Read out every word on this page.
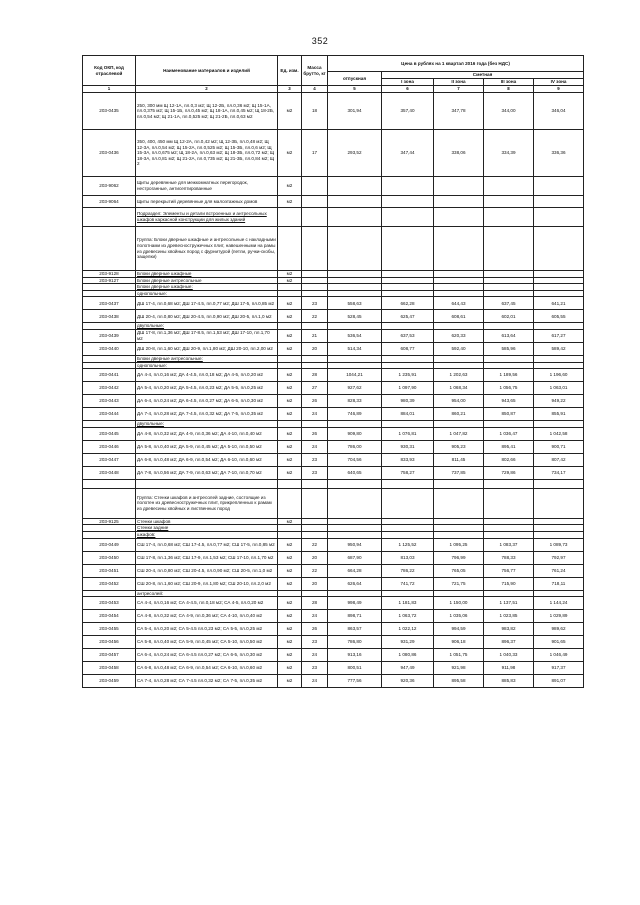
352
Код ОКП, код отраслевой	Наименование материалов и изделий	Ед. изм.	Масса брутто, кг	Цена в рублях на 1 квартал 2016 года (без НДС)				
				отпускная	Сметная			
					I зона	II зона	III зона	IV зона
1	2	3	4	5	6	7	8	9
203-0435	250, 300 мм Щ 12-1А, пл.0,3 м2; Щ 12-2Б, пл.0,36 м2; Щ 15-1А, пл.0,375 м2; Щ 15-1Б, пл.0,45 м2; Щ 18-1А, пл.0,45 м2; Щ 18-2Б, пл.0,54 м2; Щ 21-1А, пл.0,525 м2; Щ 21-2Б, пл.0,63 м2	м2	18	301,94	357,40	347,78	344,00	346,04
203-0436	350, 400, 450 мм Щ 12-2А, пл.0,42 м2; Щ 12-3Б, пл.0,48 м2; Щ 12-3А, пл.0,54 м2; Щ 15-2А, пл.0,525 м2; Щ 15-3Б, пл.0,6 м2; Щ 15-3А, пл.0,675 м2; Щ 18-2А, пл.0,63 м2; Щ 18-3Б, пл.0,72 м2; Щ 18-3А, пл.0,81 м2; Щ 21-2А, пл.0,735 м2; Щ 21-3Б, пл.0,84 м2; Щ 2	м2	17	293,52	347,44	338,06	334,39	336,36
203-9062	Щиты деревянные для межкомнатных перегородок, нестроганные, антисептированные	м2						
203-9064	Щиты перекрытий деревянные для малоэтажных домов	м2						
	Подраздел: Элементы и детали встроенных и антресольных шкафов каркасной конструкции для жилых зданий							
	Группа: Блоки дверные шкафные и антресольные с накладными полотнами из древесностружечных плит, навешенными на рамы из древесины хвойных пород с фурнитурой (петли, ручки-скобы, защелки)							
203-9128	Блоки дверные шкафные	м2						
203-9127	Блоки дверные антресольные	м2						
	Блоки дверные шкафные:							
	однопольные:							
203-0437	ДШ 17-4, пл.0,68 м2; ДШ 17-4.5, пл.0,77 м2; ДШ 17-5, пл.0,85 м2	м2	23	558,63	662,28	644,43	637,45	641,21
203-0438	ДШ 20-4, пл.0,80 м2; ДШ 20-4.5, пл.0,90 м2; ДШ 20-5, пл.1,0 м2	м2	22	528,45	625,47	608,61	602,01	605,55
	двупольные:							
203-0439	ДШ 17-8, пл.1,36 м2; ДШ 17-8.5, пл.1,53 м2; ДШ 17-10, пл.1,70 м2	м2	21	536,54	637,53	620,33	613,64	617,27
203-0440	ДШ 20-8, пл.1,60 м2; ДШ 20-9, пл.1,80 м2; ДШ 20-10, пл.2,00 м2	м2	20	514,34	608,77	592,40	585,96	589,42
	Блоки дверные антресольные:							
	однопольные:							
203-0441	ДА 4-4, пл.0,16 м2; ДА 4-4.5, пл.0,18 м2; ДА 4-5, пл.0,20 м2	м2	28	1044,21	1 235,91	1 202,63	1 189,56	1 196,60
203-0442	ДА 5-4, пл.0,20 м2; ДА 5-4.5, пл.0,23 м2; ДА 5-5, пл.0,25 м2	м2	27	927,62	1 097,90	1 068,34	1 056,75	1 063,01
203-0443	ДА 6-4, пл.0,24 м2; ДА 6-4.5, пл.0,27 м2; ДА 6-5, пл.0,30 м2	м2	26	828,33	980,39	954,00	943,65	949,22
203-0444	ДА 7-4, пл.0,28 м2; ДА 7-4.5, пл.0,32 м2; ДА 7-5, пл.0,35 м2	м2	24	746,89	884,01	860,21	850,87	855,91
	двупольные:							
203-0445	ДА 4-8, пл.0,32 м2; ДА 4-9, пл.0,36 м2; ДА 4-10, пл.0,40 м2	м2	26	909,80	1 076,81	1 047,82	1 036,47	1 042,58
203-0446	ДА 5-8, пл.0,40 м2; ДА 5-9, пл.0,45 м2; ДА 5-10, пл.0,50 м2	м2	24	786,00	930,31	905,23	895,41	900,71
203-0447	ДА 6-8, пл.0,48 м2; ДА 6-9, пл.0,54 м2; ДА 6-10, пл.0,60 м2	м2	23	704,56	833,93	811,45	802,66	807,42
203-0448	ДА 7-8, пл.0,56 м2; ДА 7-9, пл.0,63 м2; ДА 7-10, пл.0,70 м2	м2	23	640,65	758,27	737,85	729,86	734,17

	Группа: Стенки шкафов и антресолей задние, состоящие из полотен из древесностружечных плит, прикрепленных к рамам из древесины хвойных и лиственных пород							
203-9125	Стенки шкафов	м2						
	Стенки задние							
	шкафов:							
203-0449	СШ 17-4, пл.0,68 м2; СШ 17-4.5, пл.0,77 м2; СШ 17-5, пл.0,85 м2	м2	22	950,94	1 125,52	1 095,25	1 083,37	1 089,73
203-0450	СШ 17-8, пл.1,36 м2; СШ 17-9, пл.1,53 м2; СШ 17-10, пл.1,70 м2	м2	20	687,90	813,03	796,99	788,33	792,97
203-0451	СШ 20-4, пл.0,80 м2; СШ 20-4.5, пл.0,90 м2; СШ 20-5, пл.1,0 м2	м2	22	664,28	786,22	765,05	756,77	761,24
203-0452	СШ 20-8, пл.1,60 м2; СШ 20-9, пл.1,80 м2; СШ 20-10, пл.2,0 м2	м2	20	626,64	741,72	721,75	715,90	718,11
	антресолей:							
203-0453	СА 4-4, пл.0,16 м2; СА 4-4.5, пл.0,18 м2; СА 4-5, пл.0,20 м2	м2	28	998,49	1 181,83	1 150,00	1 137,51	1 144,24
203-0454	СА 4-8, пл.0,32 м2; СА 4-9, пл.0,36 м2; СА 4-10, пл.0,40 м2	м2	24	898,71	1 063,72	1 035,06	1 023,85	1 029,89
203-0455	СА 5-4, пл.0,20 м2; СА 5-4.5 пл.0,23 м2; СА 5-5, пл.0,25 м2	м2	26	863,57	1 022,12	994,59	983,82	989,62
203-0456	СА 5-8, пл.0,40 м2; СА 5-9, пл.0,45 м2; СА 5-10, пл.0,50 м2	м2	23	786,80	931,29	906,18	896,37	901,65
203-0457	СА 6-4, пл.0,24 м2; СА 6-4.5 пл.0,27 м2; СА 6-5, пл.0,30 м2	м2	24	913,16	1 080,86	1 051,75	1 040,33	1 046,49
203-0458	СА 6-8, пл.0,48 м2; СА 6-9, пл.0,54 м2; СА 6-10, пл.0,60 м2	м2	23	800,51	947,49	921,98	911,98	917,37
203-0459	СА 7-4, пл.0,28 м2; СА 7-4.5 пл.0,32 м2; СА 7-5, пл.0,35 м2	м2	24	777,56	920,36	895,58	885,83	891,07
